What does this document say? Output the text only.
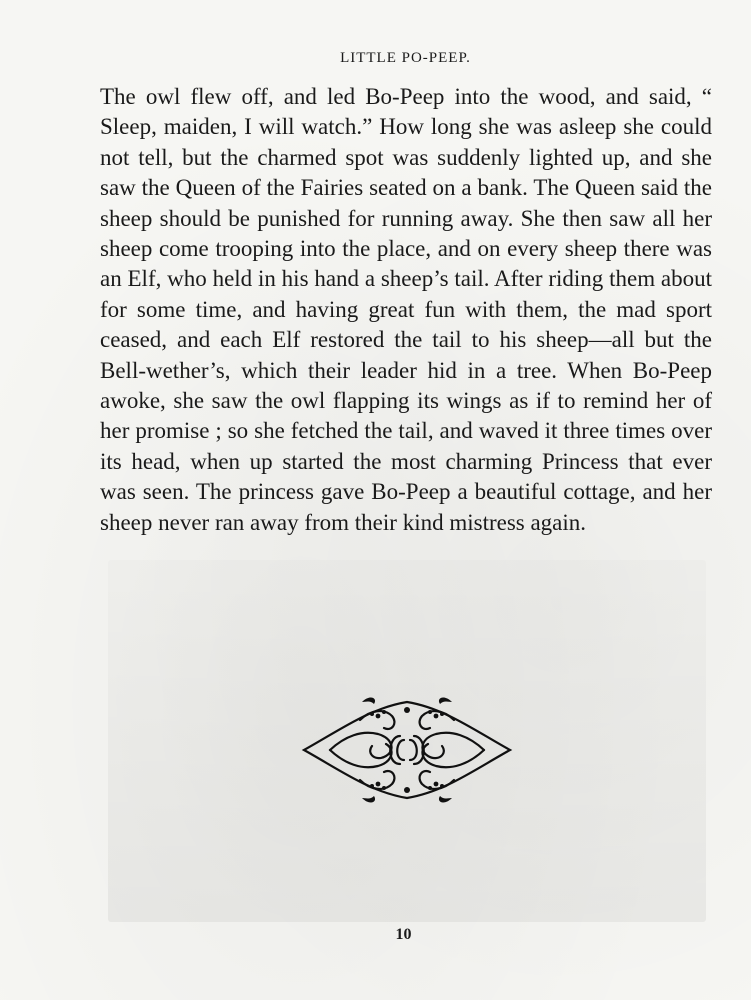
LITTLE PO-PEEP.

The owl flew off, and led Bo-Peep into the wood, and said, “ Sleep, maiden, I will watch.” How long she was asleep she could not tell, but the charmed spot was suddenly lighted up, and she saw the Queen of the Fairies seated on a bank. The Queen said the sheep should be punished for running away. She then saw all her sheep come trooping into the place, and on every sheep there was an Elf, who held in his hand a sheep’s tail. After riding them about for some time, and having great fun with them, the mad sport ceased, and each Elf restored the tail to his sheep—all but the Bell-wether’s, which their leader hid in a tree. When Bo-Peep awoke, she saw the owl flapping its wings as if to remind her of her promise ; so she fetched the tail, and waved it three times over its head, when up started the most charming Princess that ever was seen. The princess gave Bo-Peep a beautiful cottage, and her sheep never ran away from their kind mistress again.

10
